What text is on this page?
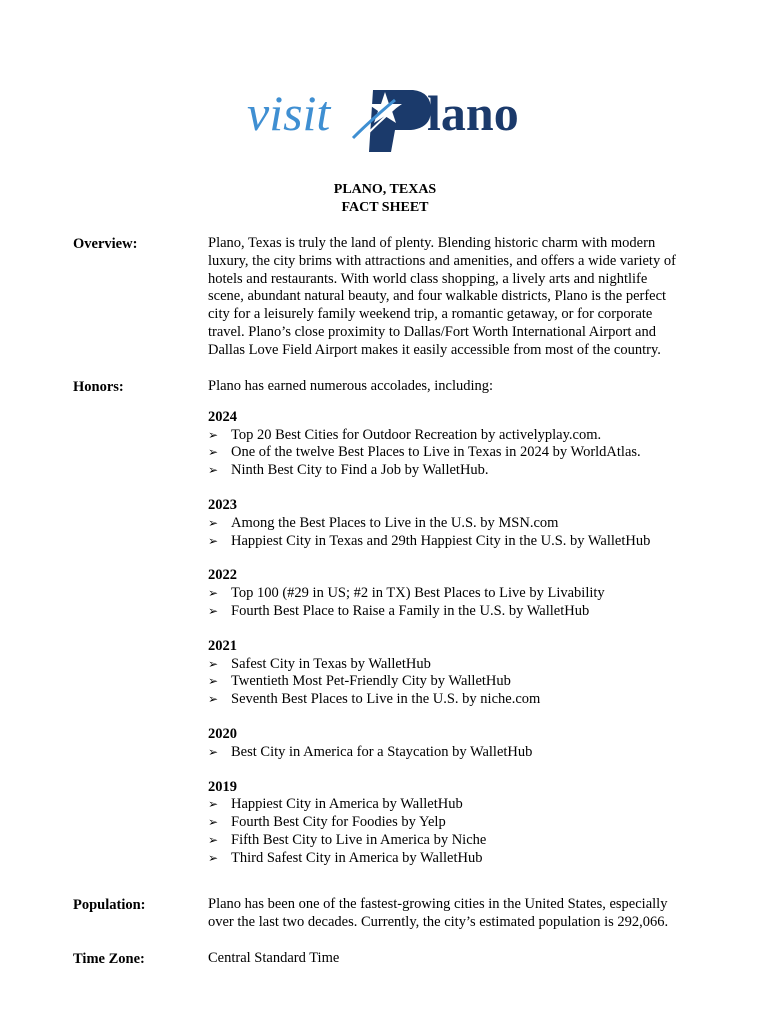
visit lano
PLANO, TEXAS
FACT SHEET
Overview:	Plano, Texas is truly the land of plenty. Blending historic charm with modern
luxury, the city brims with attractions and amenities, and offers a wide variety of
hotels and restaurants. With world class shopping, a lively arts and nightlife
scene, abundant natural beauty, and four walkable districts, Plano is the perfect
city for a leisurely family weekend trip, a romantic getaway, or for corporate
travel. Plano’s close proximity to Dallas/Fort Worth International Airport and
Dallas Love Field Airport makes it easily accessible from most of the country.
Honors:	Plano has earned numerous accolades, including:
2024
➢ Top 20 Best Cities for Outdoor Recreation by activelyplay.com.
➢ One of the twelve Best Places to Live in Texas in 2024 by WorldAtlas.
➢ Ninth Best City to Find a Job by WalletHub.
2023
➢ Among the Best Places to Live in the U.S. by MSN.com
➢ Happiest City in Texas and 29th Happiest City in the U.S. by WalletHub
2022
➢ Top 100 (#29 in US; #2 in TX) Best Places to Live by Livability
➢ Fourth Best Place to Raise a Family in the U.S. by WalletHub
2021
➢ Safest City in Texas by WalletHub
➢ Twentieth Most Pet-Friendly City by WalletHub
➢ Seventh Best Places to Live in the U.S. by niche.com
2020
➢ Best City in America for a Staycation by WalletHub
2019
➢ Happiest City in America by WalletHub
➢ Fourth Best City for Foodies by Yelp
➢ Fifth Best City to Live in America by Niche
➢ Third Safest City in America by WalletHub
Population:	Plano has been one of the fastest-growing cities in the United States, especially
over the last two decades. Currently, the city’s estimated population is 292,066.
Time Zone:	Central Standard Time
